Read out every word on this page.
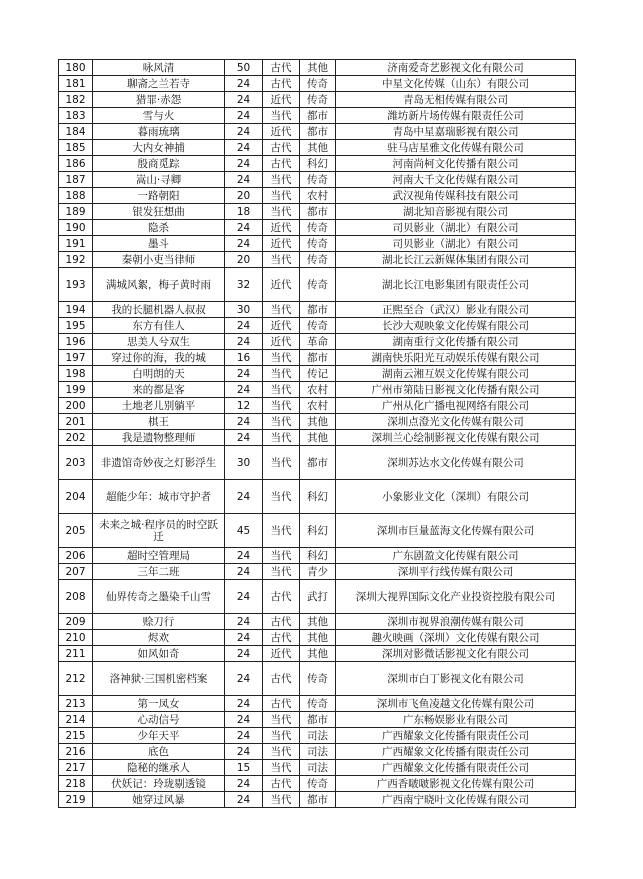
180	咏风清	50	古代	其他	济南爱奇艺影视文化有限公司
181	聊斋之兰若寺	24	古代	传奇	中星文化传媒（山东）有限公司
182	猎罪·赤怨	24	近代	传奇	青岛无相传媒有限公司
183	雪与火	24	当代	都市	潍坊新片场传媒有限责任公司
184	暮雨琉璃	24	近代	都市	青岛中星嘉瑞影视有限公司
185	大内女神捕	24	古代	其他	驻马店星雅文化传媒有限公司
186	殷商觅踪	24	古代	科幻	河南尚柯文化传播有限公司
187	嵩山·寻卿	24	当代	传奇	河南大千文化传媒有限公司
188	一路朝阳	20	当代	农村	武汉视角传媒科技有限公司
189	银发狂想曲	18	当代	都市	湖北知音影视有限公司
190	隐杀	24	近代	传奇	司贝影业（湖北）有限公司
191	墨斗	24	近代	传奇	司贝影业（湖北）有限公司
192	秦朝小吏当律师	20	当代	传奇	湖北长江云新媒体集团有限公司
193	满城风絮，梅子黄时雨	32	近代	传奇	湖北长江电影集团有限责任公司
194	我的长腿机器人叔叔	30	当代	都市	正熙至合（武汉）影业有限公司
195	东方有佳人	24	近代	传奇	长沙大观映象文化传媒有限公司
196	思美人兮双生	24	近代	革命	湖南重行文化传播有限公司
197	穿过你的海，我的城	16	当代	都市	湖南快乐阳光互动娱乐传媒有限公司
198	白明朗的天	24	当代	传记	湖南云湘互娱文化传媒有限公司
199	来的都是客	24	当代	农村	广州市第陆日影视文化传播有限公司
200	土地老儿别躺平	12	当代	农村	广州从化广播电视网络有限公司
201	棋王	24	当代	其他	深圳点澄光文化传媒有限公司
202	我是遗物整理师	24	当代	其他	深圳兰心绘制影视文化传媒有限公司
203	非遗馆奇妙夜之灯影浮生	30	当代	都市	深圳苏达水文化传媒有限公司
204	超能少年：城市守护者	24	当代	科幻	小象影业文化（深圳）有限公司
205	未来之城·程序员的时空跃迁	45	当代	科幻	深圳市巨量蓝海文化传媒有限公司
206	超时空管理局	24	当代	科幻	广东剧盈文化传媒有限公司
207	三年二班	24	当代	青少	深圳平行线传媒有限公司
208	仙界传奇之墨染千山雪	24	古代	武打	深圳大视界国际文化产业投资控股有限公司
209	赊刀行	24	古代	其他	深圳市视界浪潮传媒有限公司
210	烬欢	24	古代	其他	趣火映画（深圳）文化传媒有限公司
211	如风如奇	24	近代	其他	深圳对影微话影视文化有限公司
212	洛神狱·三国机密档案	24	古代	传奇	深圳市白丁影视文化有限公司
213	第一凤女	24	古代	传奇	深圳市飞鱼凌越文化传媒有限公司
214	心动信号	24	当代	都市	广东畅娱影业有限公司
215	少年天平	24	当代	司法	广西耀象文化传播有限责任公司
216	底色	24	当代	司法	广西耀象文化传播有限责任公司
217	隐秘的继承人	15	当代	司法	广西耀象文化传播有限责任公司
218	伏妖记：玲珑剔透镜	24	古代	传奇	广西香啵啵影视文化传媒有限公司
219	她穿过风暴	24	当代	都市	广西南宁晓叶文化传媒有限公司
